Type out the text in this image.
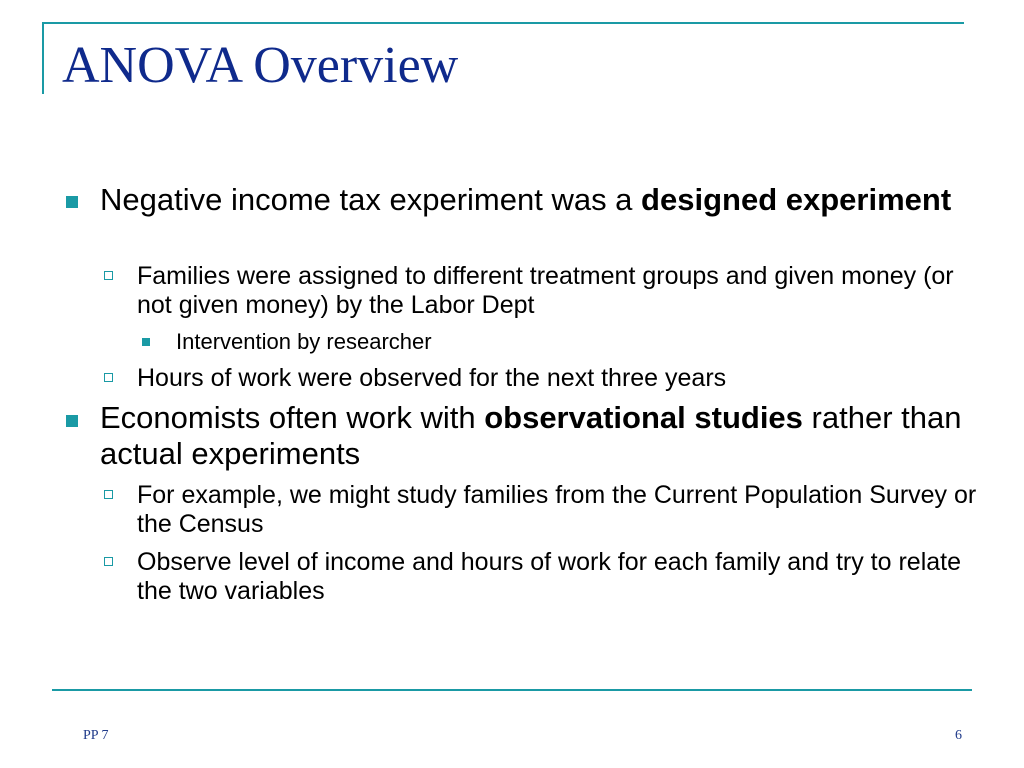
ANOVA Overview

Negative income tax experiment was a designed experiment

Families were assigned to different treatment groups and given money (or not given money) by the Labor Dept

Intervention by researcher

Hours of work were observed for the next three years

Economists often work with observational studies rather than actual experiments

For example, we might study families from the Current Population Survey or the Census

Observe level of income and hours of work for each family and try to relate the two variables

PP 7	6
